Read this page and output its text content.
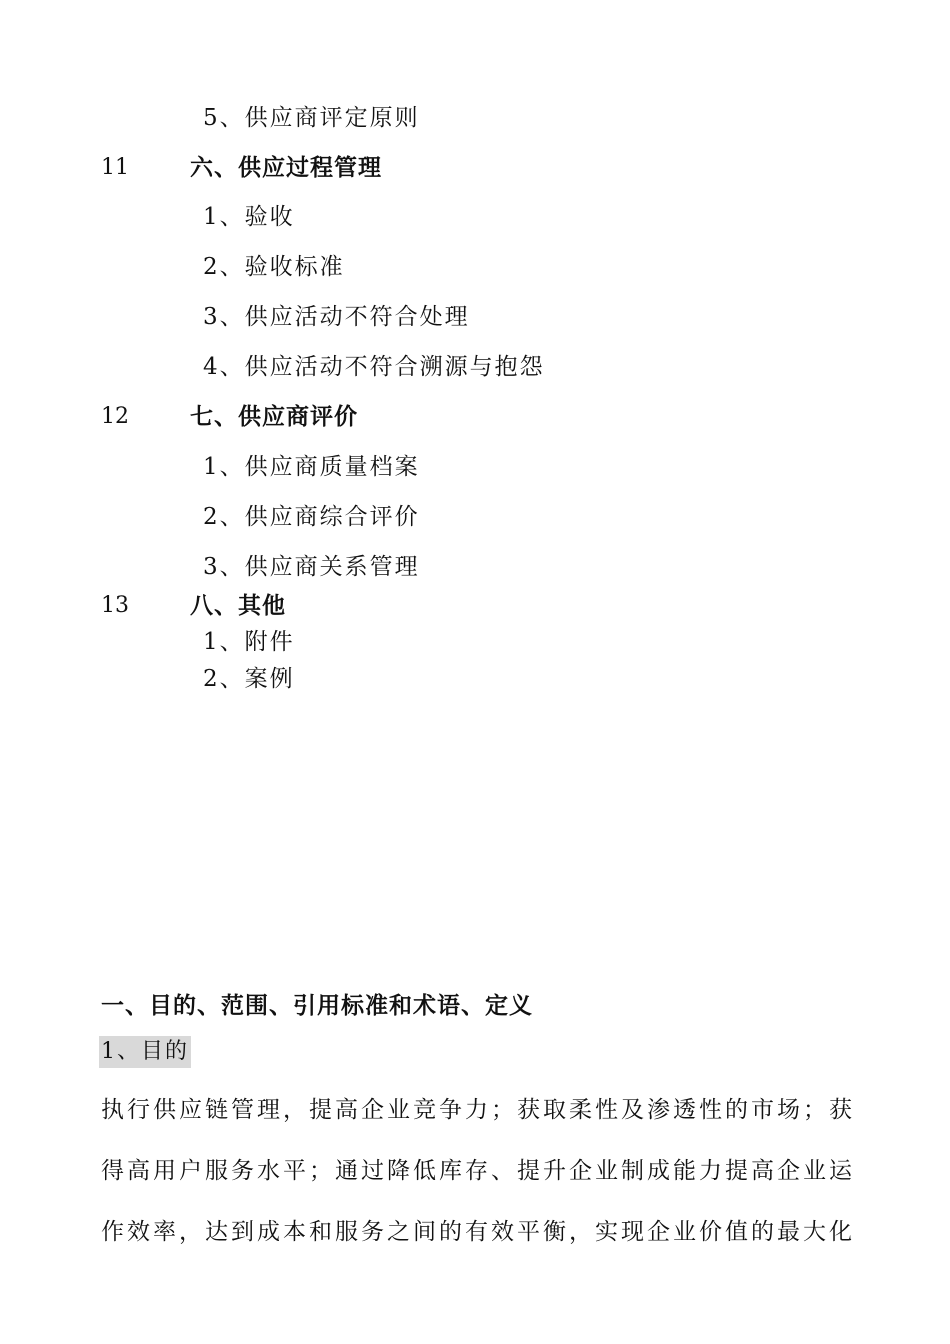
5、供应商评定原则
11	六、供应过程管理
1、验收
2、验收标准
3、供应活动不符合处理
4、供应活动不符合溯源与抱怨
12	七、供应商评价
1、供应商质量档案
2、供应商综合评价
3、供应商关系管理
13	八、其他
1、附件
2、案例
一、目的、范围、引用标准和术语、定义
1、目的
执行供应链管理，提高企业竞争力；获取柔性及渗透性的市场；获
得高用户服务水平；通过降低库存、提升企业制成能力提高企业运
作效率，达到成本和服务之间的有效平衡，实现企业价值的最大化
